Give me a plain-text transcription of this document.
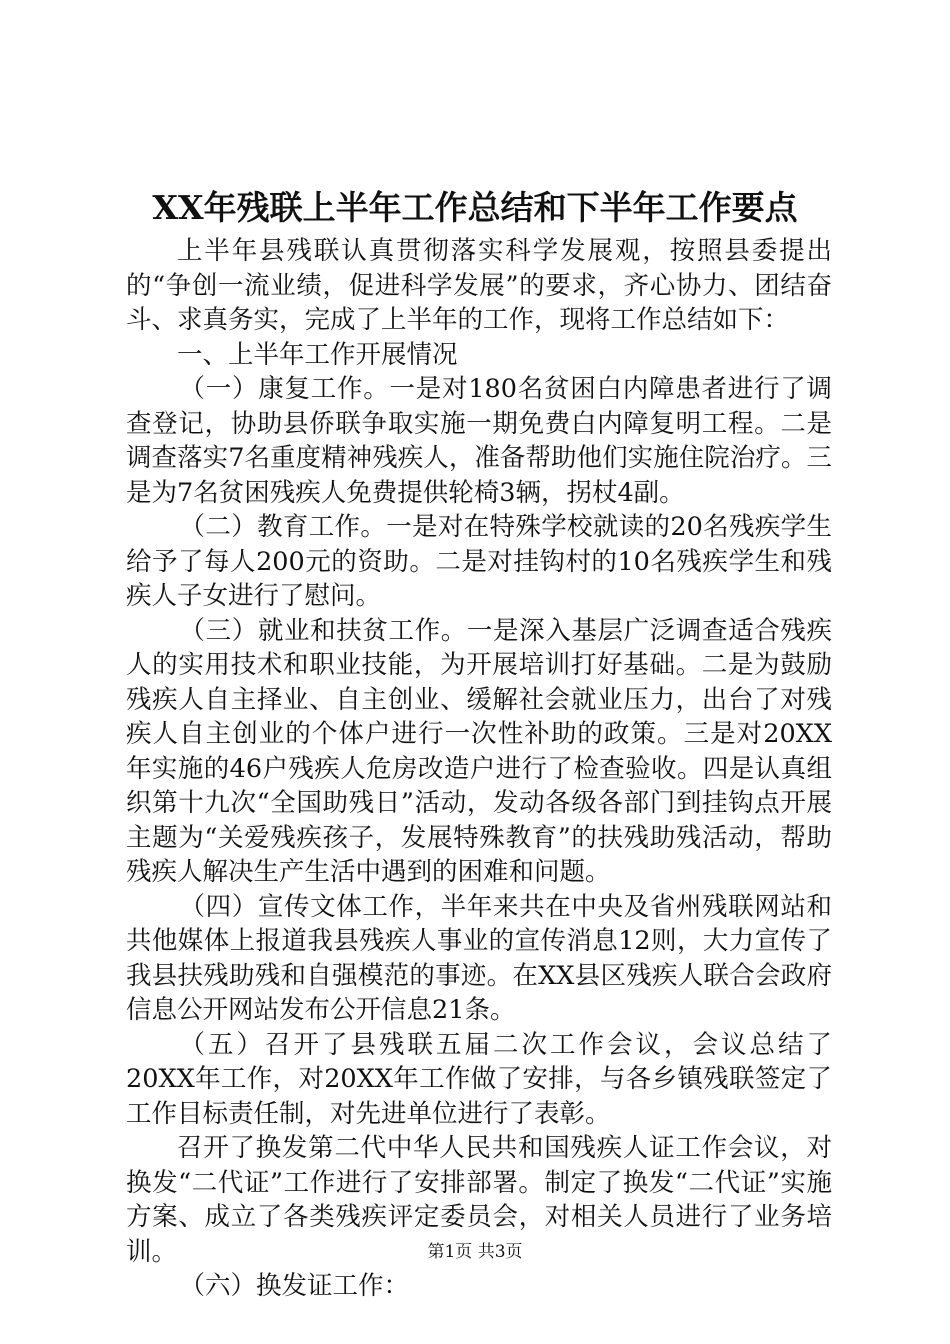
XX年残联上半年工作总结和下半年工作要点

上半年县残联认真贯彻落实科学发展观，按照县委提出的“争创一流业绩，促进科学发展”的要求，齐心协力、团结奋斗、求真务实，完成了上半年的工作，现将工作总结如下：

一、上半年工作开展情况

（一）康复工作。一是对180名贫困白内障患者进行了调查登记，协助县侨联争取实施一期免费白内障复明工程。二是调查落实7名重度精神残疾人，准备帮助他们实施住院治疗。三是为7名贫困残疾人免费提供轮椅3辆，拐杖4副。

（二）教育工作。一是对在特殊学校就读的20名残疾学生给予了每人200元的资助。二是对挂钩村的10名残疾学生和残疾人子女进行了慰问。

（三）就业和扶贫工作。一是深入基层广泛调查适合残疾人的实用技术和职业技能，为开展培训打好基础。二是为鼓励残疾人自主择业、自主创业、缓解社会就业压力，出台了对残疾人自主创业的个体户进行一次性补助的政策。三是对20XX年实施的46户残疾人危房改造户进行了检查验收。四是认真组织第十九次“全国助残日”活动，发动各级各部门到挂钩点开展主题为“关爱残疾孩子，发展特殊教育”的扶残助残活动，帮助残疾人解决生产生活中遇到的困难和问题。

（四）宣传文体工作，半年来共在中央及省州残联网站和共他媒体上报道我县残疾人事业的宣传消息12则，大力宣传了我县扶残助残和自强模范的事迹。在XX县区残疾人联合会政府信息公开网站发布公开信息21条。

（五）召开了县残联五届二次工作会议，会议总结了20XX年工作，对20XX年工作做了安排，与各乡镇残联签定了工作目标责任制，对先进单位进行了表彰。

召开了换发第二代中华人民共和国残疾人证工作会议，对换发“二代证”工作进行了安排部署。制定了换发“二代证”实施方案、成立了各类残疾评定委员会，对相关人员进行了业务培训。

（六）换发证工作：

第1页 共3页
